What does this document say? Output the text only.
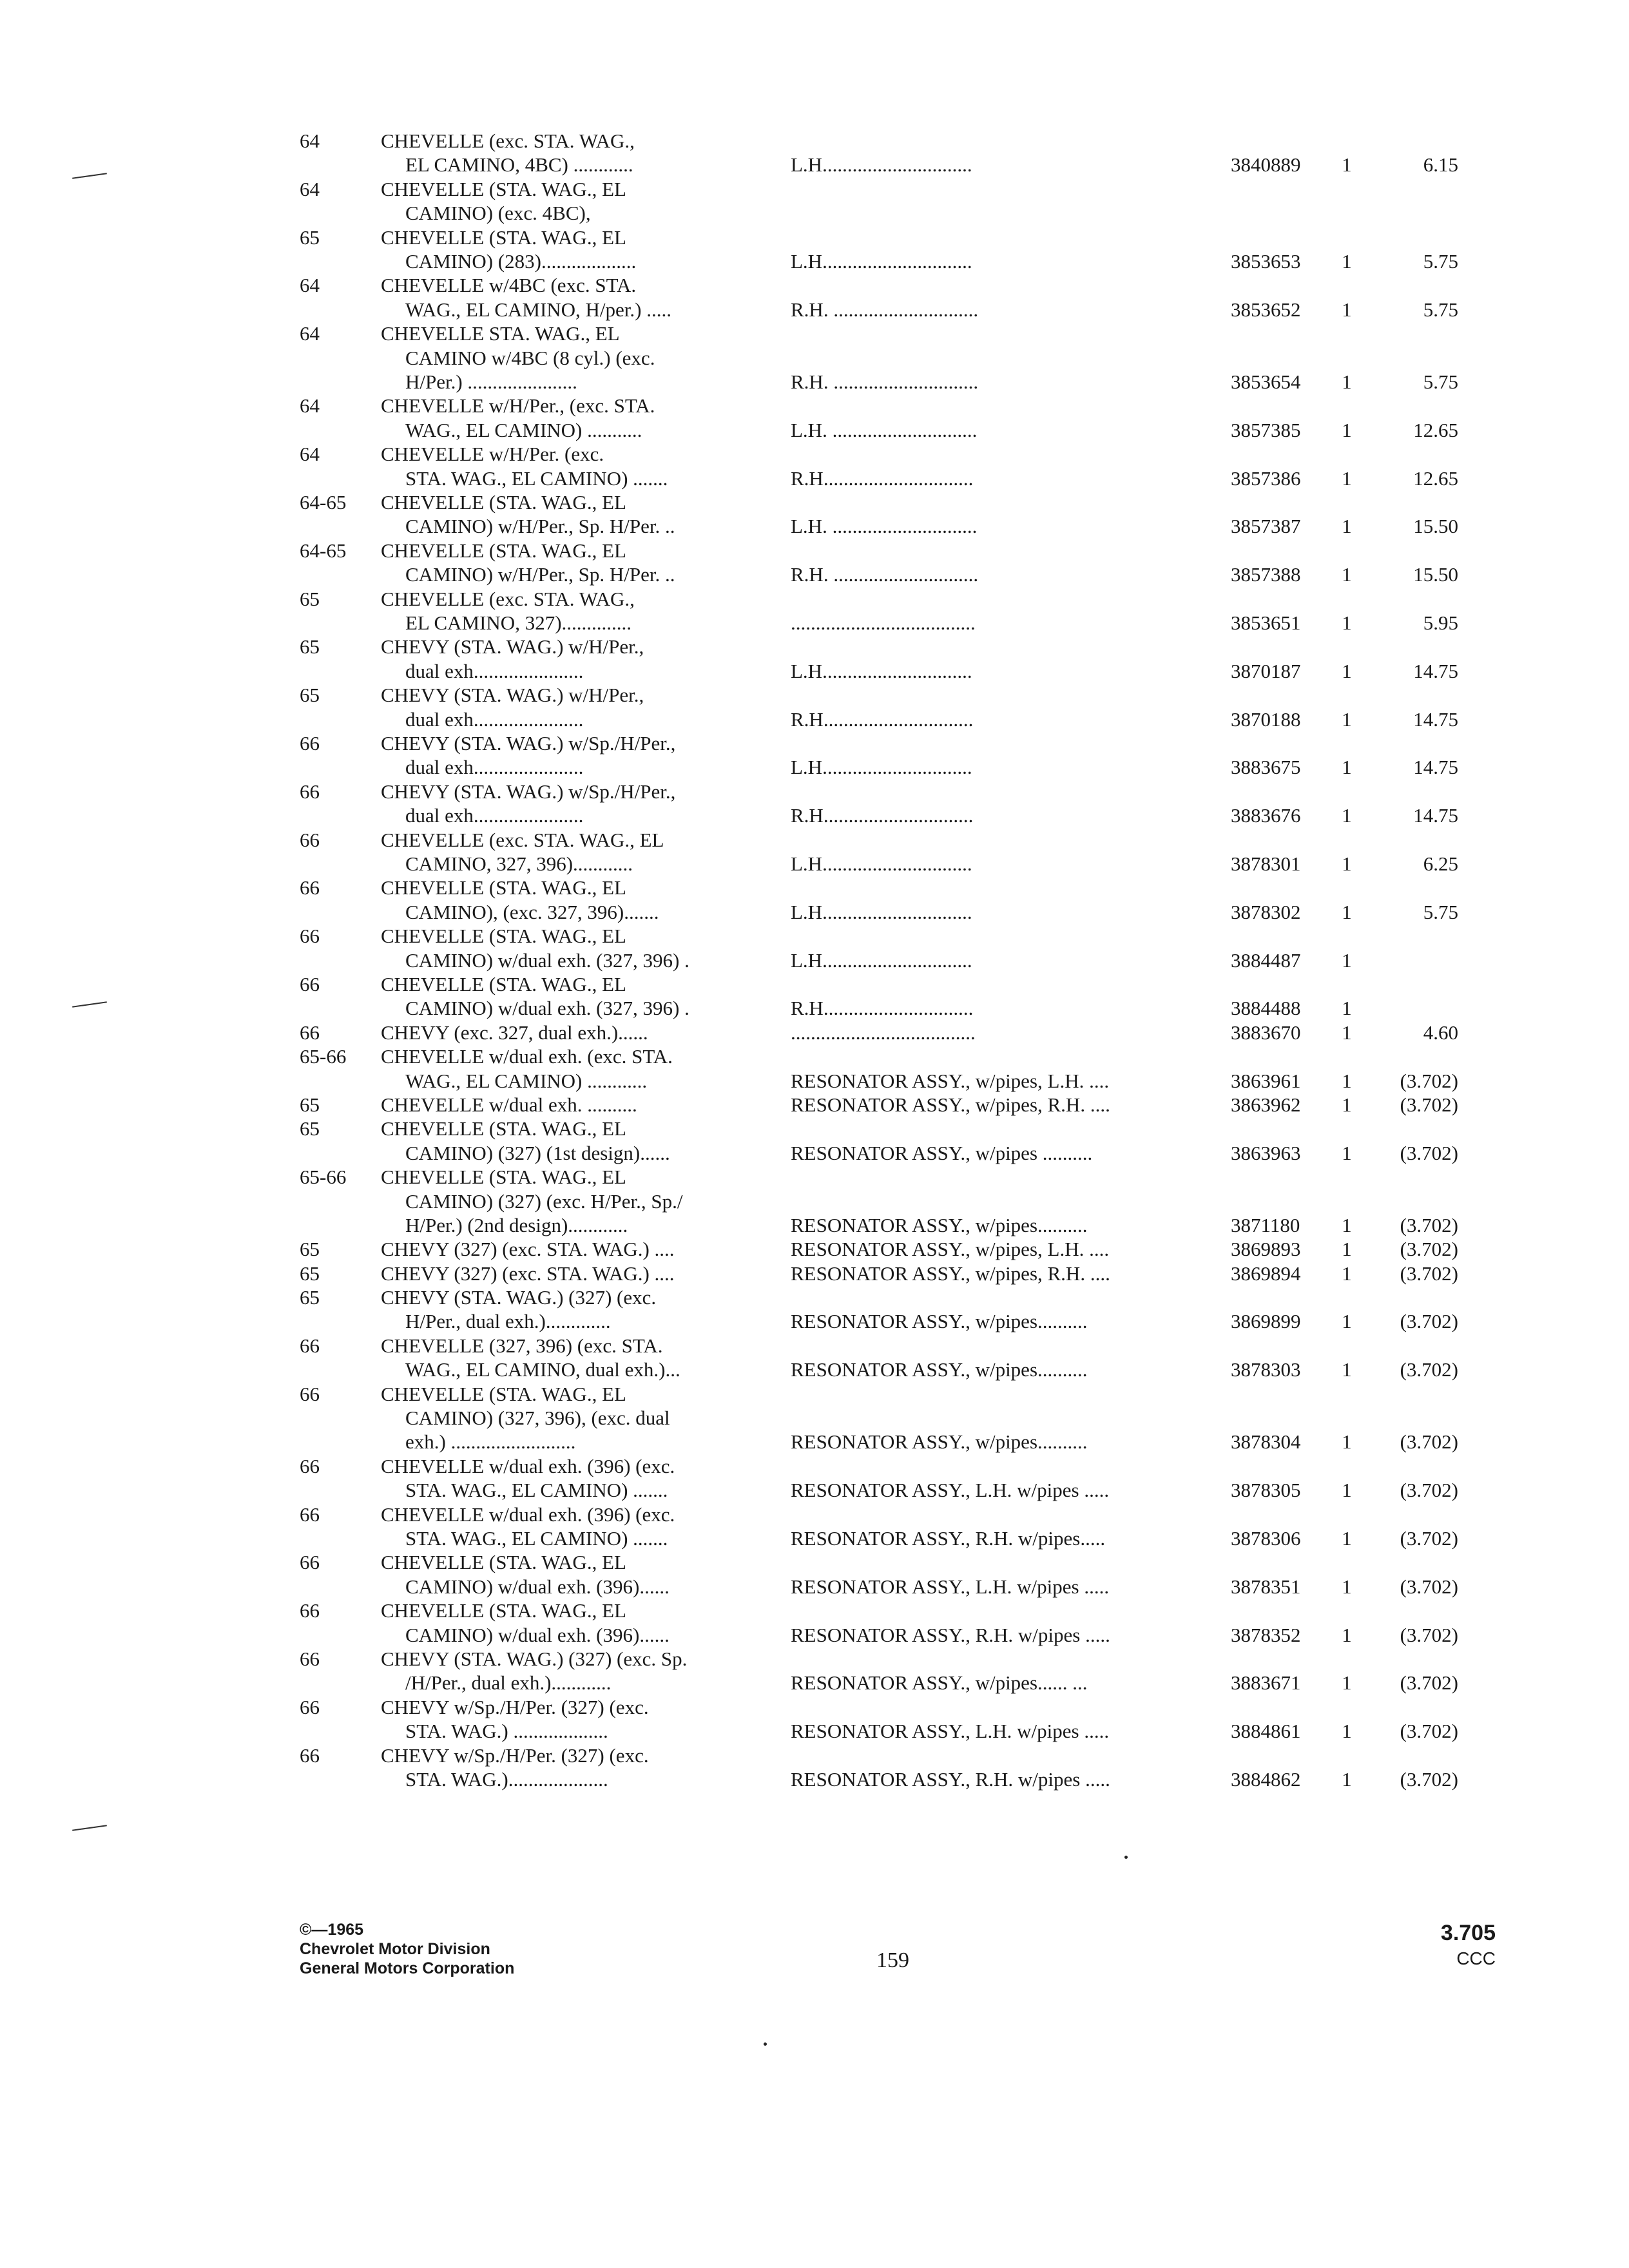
64	CHEVELLE (exc. STA. WAG.,
EL CAMINO, 4BC) ............	L.H..............................	3840889	1	6.15
64	CHEVELLE (STA. WAG., EL
CAMINO) (exc. 4BC),
65	CHEVELLE (STA. WAG., EL
CAMINO) (283)...................	L.H..............................	3853653	1	5.75
64	CHEVELLE w/4BC (exc. STA.
WAG., EL CAMINO, H/per.) .....	R.H. .............................	3853652	1	5.75
64	CHEVELLE STA. WAG., EL
CAMINO w/4BC (8 cyl.) (exc.
H/Per.) ......................	R.H. .............................	3853654	1	5.75
64	CHEVELLE w/H/Per., (exc. STA.
WAG., EL CAMINO) ...........	L.H. .............................	3857385	1	12.65
64	CHEVELLE w/H/Per. (exc.
STA. WAG., EL CAMINO) .......	R.H..............................	3857386	1	12.65
64-65	CHEVELLE (STA. WAG., EL
CAMINO) w/H/Per., Sp. H/Per. ..	L.H. .............................	3857387	1	15.50
64-65	CHEVELLE (STA. WAG., EL
CAMINO) w/H/Per., Sp. H/Per. ..	R.H. .............................	3857388	1	15.50
65	CHEVELLE (exc. STA. WAG.,
EL CAMINO, 327)..............	.....................................	3853651	1	5.95
65	CHEVY (STA. WAG.) w/H/Per.,
dual exh......................	L.H..............................	3870187	1	14.75
65	CHEVY (STA. WAG.) w/H/Per.,
dual exh......................	R.H..............................	3870188	1	14.75
66	CHEVY (STA. WAG.) w/Sp./H/Per.,
dual exh......................	L.H..............................	3883675	1	14.75
66	CHEVY (STA. WAG.) w/Sp./H/Per.,
dual exh......................	R.H..............................	3883676	1	14.75
66	CHEVELLE (exc. STA. WAG., EL
CAMINO, 327, 396)............	L.H..............................	3878301	1	6.25
66	CHEVELLE (STA. WAG., EL
CAMINO), (exc. 327, 396).......	L.H..............................	3878302	1	5.75
66	CHEVELLE (STA. WAG., EL
CAMINO) w/dual exh. (327, 396) .	L.H..............................	3884487	1
66	CHEVELLE (STA. WAG., EL
CAMINO) w/dual exh. (327, 396) .	R.H..............................	3884488	1
66	CHEVY (exc. 327, dual exh.)......	.....................................	3883670	1	4.60
65-66	CHEVELLE w/dual exh. (exc. STA.
WAG., EL CAMINO) ............	RESONATOR ASSY., w/pipes, L.H. ....	3863961	1	(3.702)
65	CHEVELLE w/dual exh. ..........	RESONATOR ASSY., w/pipes, R.H. ....	3863962	1	(3.702)
65	CHEVELLE (STA. WAG., EL
CAMINO) (327) (1st design)......	RESONATOR ASSY., w/pipes ..........	3863963	1	(3.702)
65-66	CHEVELLE (STA. WAG., EL
CAMINO) (327) (exc. H/Per., Sp./
H/Per.) (2nd design)............	RESONATOR ASSY., w/pipes..........	3871180	1	(3.702)
65	CHEVY (327) (exc. STA. WAG.) ....	RESONATOR ASSY., w/pipes, L.H. ....	3869893	1	(3.702)
65	CHEVY (327) (exc. STA. WAG.) ....	RESONATOR ASSY., w/pipes, R.H. ....	3869894	1	(3.702)
65	CHEVY (STA. WAG.) (327) (exc.
H/Per., dual exh.).............	RESONATOR ASSY., w/pipes..........	3869899	1	(3.702)
66	CHEVELLE (327, 396) (exc. STA.
WAG., EL CAMINO, dual exh.)...	RESONATOR ASSY., w/pipes..........	3878303	1	(3.702)
66	CHEVELLE (STA. WAG., EL
CAMINO) (327, 396), (exc. dual
exh.) .........................	RESONATOR ASSY., w/pipes..........	3878304	1	(3.702)
66	CHEVELLE w/dual exh. (396) (exc.
STA. WAG., EL CAMINO) .......	RESONATOR ASSY., L.H. w/pipes .....	3878305	1	(3.702)
66	CHEVELLE w/dual exh. (396) (exc.
STA. WAG., EL CAMINO) .......	RESONATOR ASSY., R.H. w/pipes.....	3878306	1	(3.702)
66	CHEVELLE (STA. WAG., EL
CAMINO) w/dual exh. (396)......	RESONATOR ASSY., L.H. w/pipes .....	3878351	1	(3.702)
66	CHEVELLE (STA. WAG., EL
CAMINO) w/dual exh. (396)......	RESONATOR ASSY., R.H. w/pipes .....	3878352	1	(3.702)
66	CHEVY (STA. WAG.) (327) (exc. Sp.
/H/Per., dual exh.)............	RESONATOR ASSY., w/pipes...... ...	3883671	1	(3.702)
66	CHEVY w/Sp./H/Per. (327) (exc.
STA. WAG.) ...................	RESONATOR ASSY., L.H. w/pipes .....	3884861	1	(3.702)
66	CHEVY w/Sp./H/Per. (327) (exc.
STA. WAG.)....................	RESONATOR ASSY., R.H. w/pipes .....	3884862	1	(3.702)
©—1965
Chevrolet Motor Division
General Motors Corporation	159
3.705
CCC
